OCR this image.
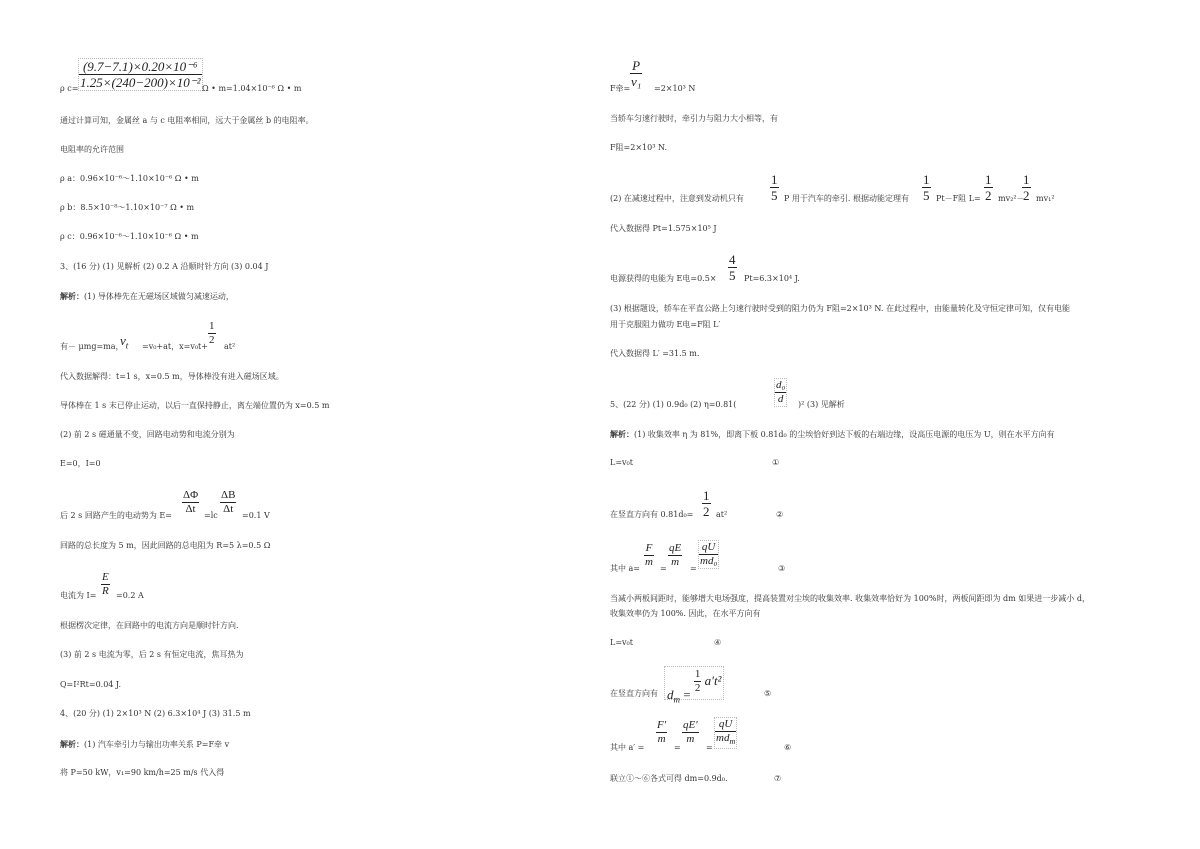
$\frac{\text{(9.7−7.1)×0.20×10⁻⁶}}{\text{1.25×(240−200)×10⁻²}}$
ρ c=	Ω • m=1.04×10⁻⁶ Ω • m
通过计算可知，金属丝 a 与 c 电阻率相同，远大于金属丝 b 的电阻率。
电阻率的允许范围
ρ a：0.96×10⁻⁶～1.10×10⁻⁶ Ω • m
ρ b：8.5×10⁻⁸～1.10×10⁻⁷ Ω • m
ρ c：0.96×10⁻⁶～1.10×10⁻⁶ Ω • m
3、(16 分) (1) 见解析 (2) 0.2 A 沿顺时针方向 (3) 0.04 J
解析：(1) 导体棒先在无磁场区域做匀减速运动，
有－ μmg=ma，
$v_t =v_0+at$，$x=v_0t+ \frac{1}{2} at^2$
代入数据解得：t=1 s，x=0.5 m，导体棒没有进入磁场区域。
导体棒在 1 s 末已停止运动，以后一直保持静止，离左端位置仍为 x=0.5 m
(2) 前 2 s 磁通量不变，回路电动势和电流分别为
E=0，I=0
后 2 s 回路产生的电动势为 $E= \frac{\Delta\Phi}{\Delta t} =lc \frac{\Delta B}{\Delta t} =0.1$ V
回路的总长度为 5 m，因此回路的总电阻为 R=5 λ=0.5 Ω
电流为 $I= \frac{E}{R} =0.2$ A
根据楞次定律，在回路中的电流方向是顺时针方向.
(3) 前 2 s 电流为零，后 2 s 有恒定电流，焦耳热为
Q=I²Rt=0.04 J.
4、(20 分) (1) 2×10³ N (2) 6.3×10⁴ J (3) 31.5 m
解析：(1) 汽车牵引力与输出功率关系 P=F牵 v
将 P=50 kW，v₁=90 km/h=25 m/s 代入得
F牵= $\frac{P}{\text{v₁}} =2\times 10^3$ N
当轿车匀速行驶时，牵引力与阻力大小相等，有
F阻=2×10³ N.
(2) 在减速过程中，注意到发动机只有 $\frac{1}{5}$ P 用于汽车的牵引. 根据动能定理有 $\frac{1}{5} Pt-F$阻 $L= \frac{1}{2} mv_2^2-$
$\frac{1}{2} mv_1^2$
代入数据得 Pt=1.575×10⁵ J
电源获得的电能为 E电$=0.5\times \frac{4}{5} Pt=6.3\times 10^4$ J.
(3) 根据题设，轿车在平直公路上匀速行驶时受到的阻力仍为 F阻=2×10³ N. 在此过程中，由能量转化及守恒定律可知，仅有电能
用于克服阻力做功 E电=F阻 L′
代入数据得 L′ =31.5 m.
5、(22 分) (1) 0.9d₀ (2) η=0.81(	$\frac{\text{d₀}}{d} )^2$ (3) 见解析
解析：(1) 收集效率 η 为 81%，即离下板 0.81d₀ 的尘埃恰好到达下板的右端边缘，设高压电源的电压为 U，则在水平方向有
L=v₀t	①
在竖直方向有 $0.81d_0= \frac{1}{2} at^2$	②
其中 $a= \frac{F}{m} = \frac{qE}{m} = \frac{qU}{\text{md₀}}$	③
当减小两板间距时，能够增大电场强度，提高装置对尘埃的收集效率. 收集效率恰好为 100%时，两板间距即为 dm 如果进一步减小 d，
收集效率仍为 100%. 因此，在水平方向有
L=v₀t	④
在竖直方向有 $d_m = \frac{1}{2} a't^2$
⑤
其中 a′ =
$\frac{F'}{m}$
=
$\frac{qE'}{m}$
=
qU
$md_m$
⑥
联立①～⑥各式可得 dm=0.9d₀.	⑦
